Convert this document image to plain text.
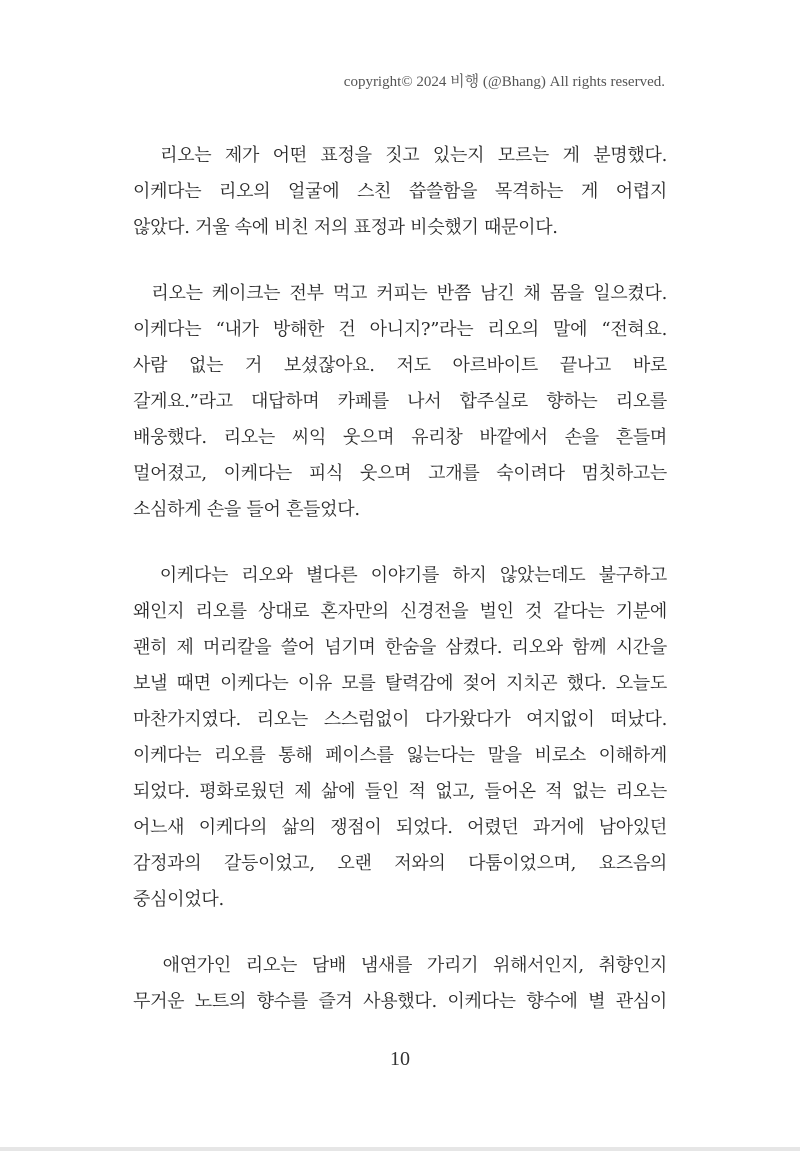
copyright© 2024 비행 (@Bhang) All rights reserved.
리오는 제가 어떤 표정을 짓고 있는지 모르는 게 분명했다.
이케다는 리오의 얼굴에 스친 씁쓸함을 목격하는 게 어렵지
않았다. 거울 속에 비친 저의 표정과 비슷했기 때문이다.
리오는 케이크는 전부 먹고 커피는 반쯤 남긴 채 몸을 일으켰다.
이케다는 “내가 방해한 건 아니지?”라는 리오의 말에 “전혀요.
사람 없는 거 보셨잖아요. 저도 아르바이트 끝나고 바로
갈게요.”라고 대답하며 카페를 나서 합주실로 향하는 리오를
배웅했다. 리오는 씨익 웃으며 유리창 바깥에서 손을 흔들며
멀어졌고, 이케다는 피식 웃으며 고개를 숙이려다 멈칫하고는
소심하게 손을 들어 흔들었다.
이케다는 리오와 별다른 이야기를 하지 않았는데도 불구하고
왜인지 리오를 상대로 혼자만의 신경전을 벌인 것 같다는 기분에
괜히 제 머리칼을 쓸어 넘기며 한숨을 삼켰다. 리오와 함께 시간을
보낼 때면 이케다는 이유 모를 탈력감에 젖어 지치곤 했다. 오늘도
마찬가지였다. 리오는 스스럼없이 다가왔다가 여지없이 떠났다.
이케다는 리오를 통해 페이스를 잃는다는 말을 비로소 이해하게
되었다. 평화로웠던 제 삶에 들인 적 없고, 들어온 적 없는 리오는
어느새 이케다의 삶의 쟁점이 되었다. 어렸던 과거에 남아있던
감정과의 갈등이었고, 오랜 저와의 다툼이었으며, 요즈음의
중심이었다.
애연가인 리오는 담배 냄새를 가리기 위해서인지, 취향인지
무거운 노트의 향수를 즐겨 사용했다. 이케다는 향수에 별 관심이
10
